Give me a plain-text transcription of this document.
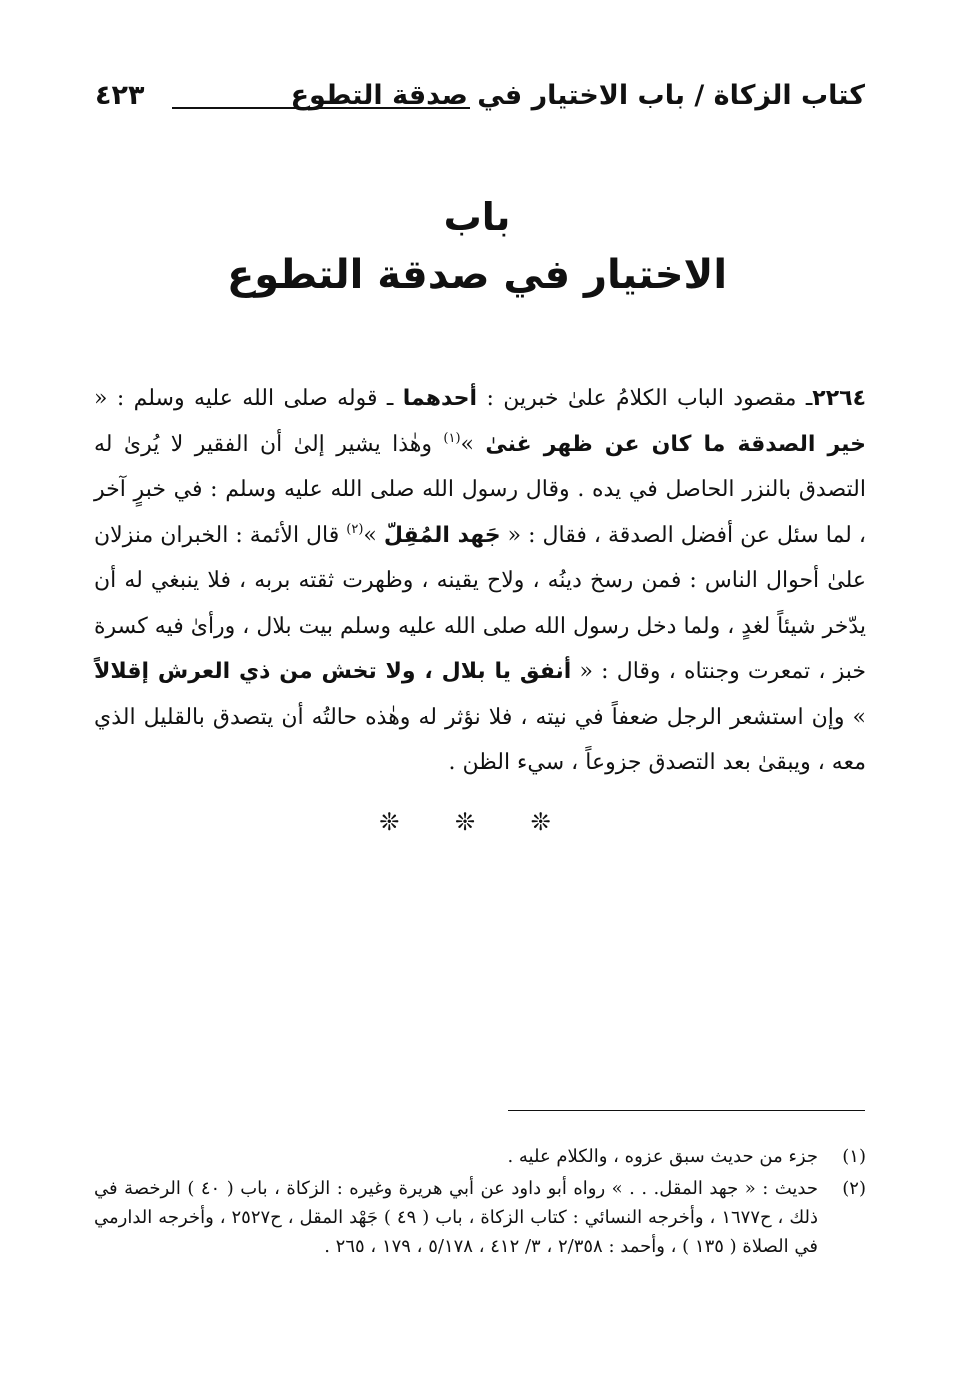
كتاب الزكاة / باب الاختيار في صدقة التطوع
٤٢٣
باب
الاختيار في صدقة التطوع
٢٢٦٤ـ مقصود الباب الكلامُ علىٰ خبرين : أحدهما ـ قوله صلى الله عليه وسلم : « خير الصدقة ما كان عن ظهر غنىٰ »$^{(١)}$ وهٰذا يشير إلىٰ أن الفقير لا يُرىٰ له التصدق بالنزر الحاصل في يده . وقال رسول الله صلى الله عليه وسلم : في خبرٍ آخر ، لما سئل عن أفضل الصدقة ، فقال : « جَهد المُقِلّ »$^{(٢)}$ قال الأئمة : الخبران منزلان علىٰ أحوال الناس : فمن رسخ دينُه ، ولاح يقينه ، وظهرت ثقته بربه ، فلا ينبغي له أن يدّخر شيئاً لغدٍ ، ولما دخل رسول الله صلى الله عليه وسلم بيت بلال ، ورأىٰ فيه كسرة خبز ، تمعرت وجنتاه ، وقال : « أنفق يا بلال ، ولا تخش من ذي العرش إقلالاً » وإن استشعر الرجل ضعفاً في نيته ، فلا نؤثر له وهٰذه حالتُه أن يتصدق بالقليل الذي معه ، ويبقىٰ بعد التصدق جزوعاً ، سيء الظن .
❊ ❊ ❊
(١)
جزء من حديث سبق عزوه ، والكلام عليه .
(٢)
حديث : « جهد المقل. . . » رواه أبو داود عن أبي هريرة وغيره : الزكاة ، باب ( ٤٠ ) الرخصة في ذلك ، ح١٦٧٧ ، وأخرجه النسائي : كتاب الزكاة ، باب ( ٤٩ ) جَهْد المقل ، ح٢٥٢٧ ، وأخرجه الدارمي في الصلاة ( ١٣٥ ) ، وأحمد : ٢/٣٥٨ ، ٣/ ٤١٢ ، ٥/١٧٨ ، ١٧٩ ، ٢٦٥ .
